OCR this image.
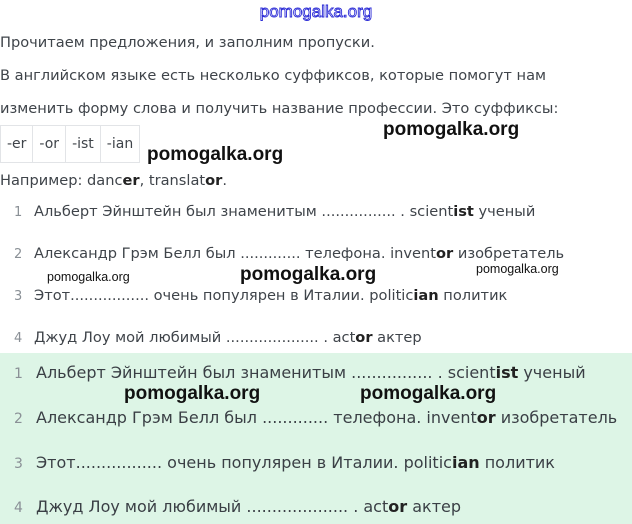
pomogalka.org
Прочитаем предложения, и заполним пропуски.
В английском языке есть несколько суффиксов, которые помогут нам
изменить форму слова и получить название профессии. Это суффиксы:
-er -or -ist -ian
Например: dancer, translator.
1 Альберт Эйнштейн был знаменитым ................ . scientist ученый
2 Александр Грэм Белл был ............. телефона. inventor изобретатель
3 Этот................. очень популярен в Италии. politician политик
4 Джуд Лоу мой любимый .................... . actor актер
1 Альберт Эйнштейн был знаменитым ................ . scientist ученый
2 Александр Грэм Белл был ............. телефона. inventor изобретатель
3 Этот................. очень популярен в Италии. politician политик
4 Джуд Лоу мой любимый .................... . actor актер
pomogalka.org
pomogalka.org
pomogalka.org
pomogalka.org
pomogalka.org
pomogalka.org	pomogalka.org
